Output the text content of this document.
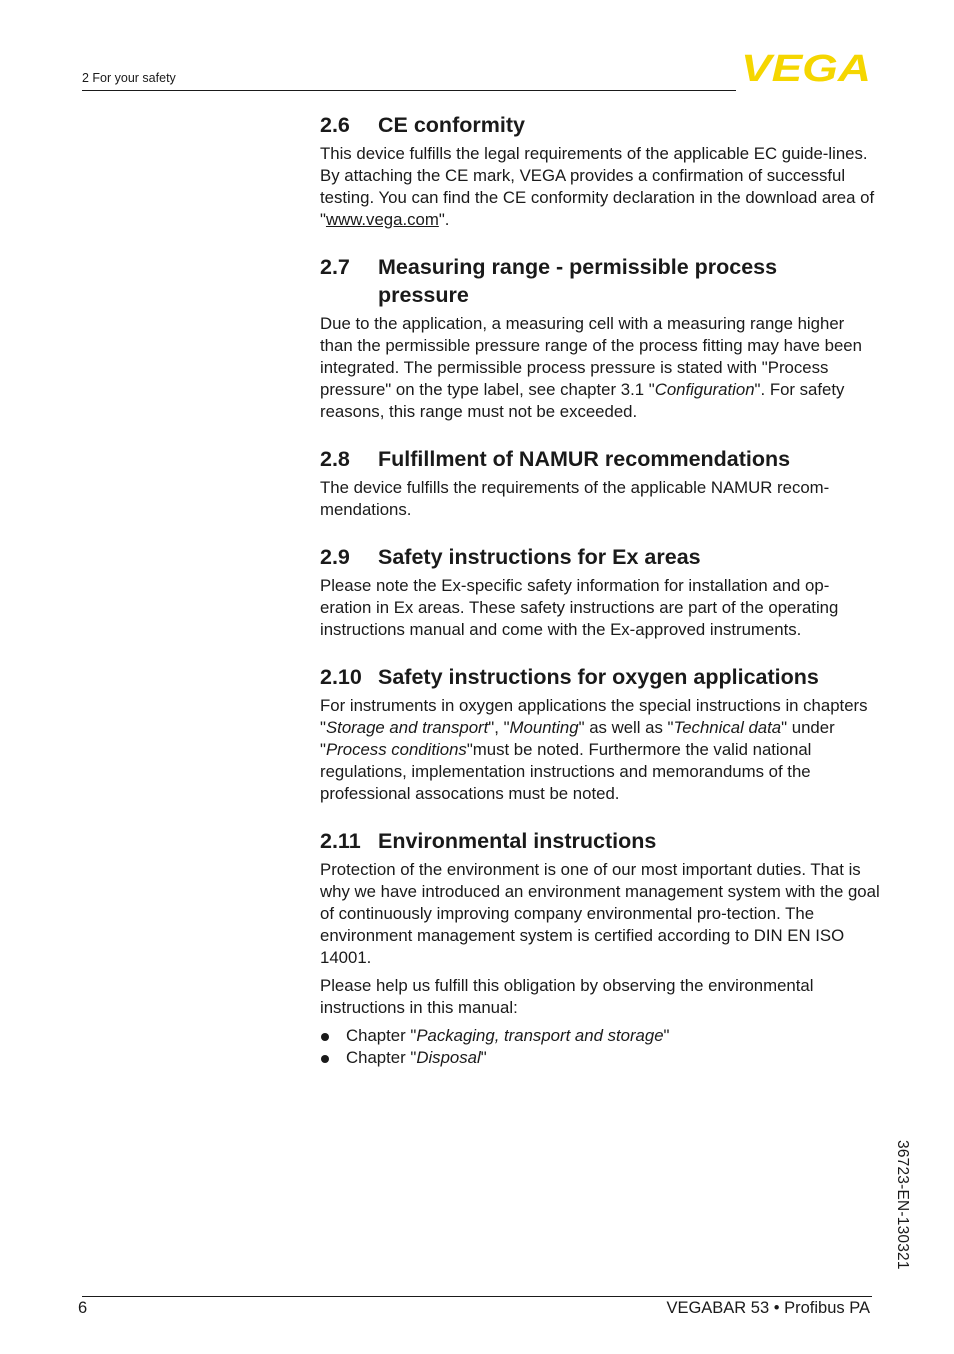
2 For your safety	VEGA
2.6	CE conformity

This device fulfills the legal requirements of the applicable EC guide-lines. By attaching the CE mark, VEGA provides a confirmation of successful testing. You can find the CE conformity declaration in the download area of "www.vega.com".

2.7	Measuring range - permissible process
pressure

Due to the application, a measuring cell with a measuring range higher than the permissible pressure range of the process fitting may have been integrated. The permissible process pressure is stated with "Process pressure" on the type label, see chapter 3.1 "Configuration". For safety reasons, this range must not be exceeded.

2.8	Fulfillment of NAMUR recommendations

The device fulfills the requirements of the applicable NAMUR recom-mendations.

2.9	Safety instructions for Ex areas

Please note the Ex-specific safety information for installation and op-eration in Ex areas. These safety instructions are part of the operating instructions manual and come with the Ex-approved instruments.

2.10 Safety instructions for oxygen applications

For instruments in oxygen applications the special instructions in chapters "Storage and transport", "Mounting" as well as "Technical data" under "Process conditions"must be noted. Furthermore the valid national regulations, implementation instructions and memorandums of the professional assocations must be noted.

2.11 Environmental instructions

Protection of the environment is one of our most important duties. That is why we have introduced an environment management system with the goal of continuously improving company environmental pro-tection. The environment management system is certified according to DIN EN ISO 14001.

Please help us fulfill this obligation by observing the environmental instructions in this manual:

Chapter "Packaging, transport and storage"
Chapter "Disposal"
36723-EN-130321
6	VEGABAR 53 • Profibus PA
